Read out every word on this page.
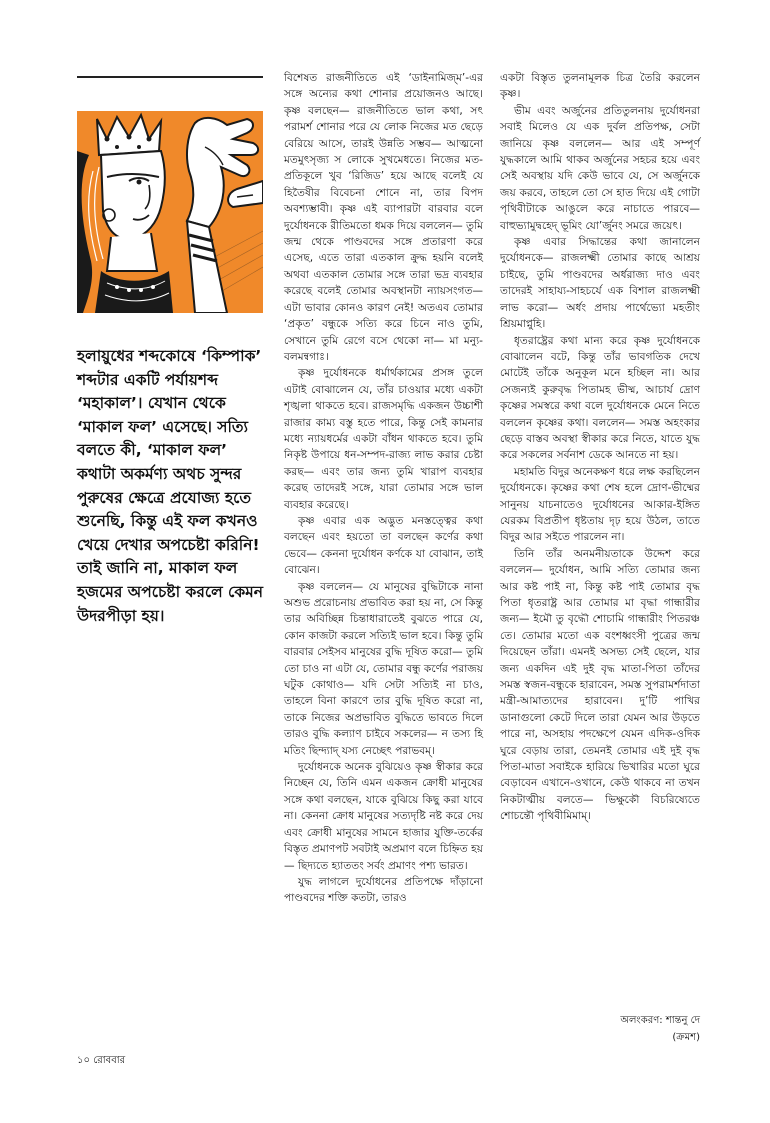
হলায়ুধের শব্দকোষে ‘কিম্পাক’ শব্দটার একটি পর্যায়শব্দ ‘মহাকাল’। যেখান থেকে ‘মাকাল ফল’ এসেছে। সত্যি বলতে কী, ‘মাকাল ফল’ কথাটা অকর্মণ্য অথচ সুন্দর পুরুষের ক্ষেত্রে প্রযোজ্য হতে শুনেছি, কিন্তু এই ফল কখনও খেয়ে দেখার অপচেষ্টা করিনি! তাই জানি না, মাকাল ফল হজমের অপচেষ্টা করলে কেমন উদরপীড়া হয়।

বিশেষত রাজনীতিতে এই ‘ডাইনামিজ্‌ম’-এর সঙ্গে অন্যের কথা শোনার প্রয়োজনও আছে। কৃষ্ণ বলছেন— রাজনীতিতে ভাল কথা, সৎ পরামর্শ শোনার পরে যে লোক নিজের মত ছেড়ে বেরিয়ে আসে, তারই উন্নতি সম্ভব— আত্মনো মতমুৎসৃজ্য স লোকে সুখমেধতে। নিজের মত-প্রতিকূলে খুব ‘রিজিড’ হয়ে আছে বলেই যে হিতৈষীর বিবেচনা শোনে না, তার বিপদ অবশ্যম্ভাবী। কৃষ্ণ এই ব্যাপারটা বারবার বলে দুর্যোধনকে রীতিমতো ধমক দিয়ে বললেন— তুমি জন্ম থেকে পাণ্ডবদের সঙ্গে প্রতারণা করে এসেছ, এতে তারা এতকাল ক্রুদ্ধ হয়নি বলেই অথবা এতকাল তোমার সঙ্গে তারা ভদ্র ব্যবহার করেছে বলেই তোমার অবস্থানটা ন্যায়সংগত— এটা ভাবার কোনও কারণ নেই! অতএব তোমার ‘প্রকৃত’ বন্ধুকে সত্যি করে চিনে নাও তুমি, সেখানে তুমি রেগে বসে থেকো না— মা মন্যু-বলমন্বগাঃ।

কৃষ্ণ দুর্যোধনকে ধর্মার্থকামের প্রসঙ্গ তুলে এটাই বোঝালেন যে, তাঁর চাওয়ার মধ্যে একটা শৃঙ্খলা থাকতে হবে। রাজসমৃদ্ধি একজন উচ্চাশী রাজার কাম্য বস্তু হতে পারে, কিন্তু সেই কামনার মধ্যে ন্যায়ধর্মের একটা বাঁধন থাকতে হবে। তুমি নিকৃষ্ট উপায়ে ধন-সম্পদ-রাজ্য লাভ করার চেষ্টা করছ— এবং তার জন্য তুমি খারাপ ব্যবহার করেছ তাদেরই সঙ্গে, যারা তোমার সঙ্গে ভাল ব্যবহার করেছে।

কৃষ্ণ এবার এক অদ্ভুত মনস্তত্ত্বের কথা বলছেন এবং হয়তো তা বলছেন কর্ণের কথা ভেবে— কেননা দুর্যোধন কর্ণকে যা বোঝান, তাই বোঝেন।

কৃষ্ণ বললেন— যে মানুষের বুদ্ধিটাকে নানা অশুভ প্ররোচনায় প্রভাবিত করা হয় না, সে কিন্তু তার অবিচ্ছিন্ন চিন্তাধারাতেই বুঝতে পারে যে, কোন কাজটা করলে সত্যিই ভাল হবে। কিন্তু তুমি বারবার সেইসব মানুষের বুদ্ধি দূষিত করো— তুমি তো চাও না এটা যে, তোমার বন্ধু কর্ণের পরাজয় ঘটুক কোথাও— যদি সেটা সত্যিই না চাও, তাহলে বিনা কারণে তার বুদ্ধি দূষিত করো না, তাকে নিজের অপ্রভাবিত বুদ্ধিতে ভাবতে দিলে তারও বুদ্ধি কল্যাণ চাইবে সকলের— ন তস্য হি মতিং ছিন্দ্যাদ্‌ যস্য নেচ্ছেৎ পরাভবম্‌।

দুর্যোধনকে অনেক বুঝিয়েও কৃষ্ণ স্বীকার করে নিচ্ছেন যে, তিনি এমন একজন ক্রোধী মানুষের সঙ্গে কথা বলছেন, যাকে বুঝিয়ে কিছু করা যাবে না। কেননা ক্রোধ মানুষের সত্যদৃষ্টি নষ্ট করে দেয় এবং ক্রোধী মানুষের সামনে হাজার যুক্তি-তর্কের বিস্তৃত প্রমাণপট সবটাই অপ্রমাণ বলে চিহ্নিত হয়— ছিদ্যতে হ্যাততং সর্বং প্রমাণং পশ্য ভারত।

যুদ্ধ লাগলে দুর্যোধনের প্রতিপক্ষে দাঁড়ানো পাণ্ডবদের শক্তি কতটা, তারও

একটা বিস্তৃত তুলনামূলক চিত্র তৈরি করলেন কৃষ্ণ।

ভীম এবং অর্জুনের প্রতিতুলনায় দুর্যোধনরা সবাই মিলেও যে এক দুর্বল প্রতিপক্ষ, সেটা জানিয়ে কৃষ্ণ বললেন— আর এই সম্পূর্ণ যুদ্ধকালে আমি থাকব অর্জুনের সহচর হয়ে এবং সেই অবস্থায় যদি কেউ ভাবে যে, সে অর্জুনকে জয় করবে, তাহলে তো সে হাত দিয়ে এই গোটা পৃথিবীটাকে আঙুলে করে নাচাতে পারবে— বাহুভ্যামুদ্বহেদ্‌ ভূমিং যো’র্জুনং সমরে জয়েৎ।

কৃষ্ণ এবার সিদ্ধান্তের কথা জানালেন দুর্যোধনকে— রাজলক্ষ্মী তোমার কাছে আশ্রয় চাইছে, তুমি পাণ্ডবদের অর্ধরাজ্য দাও এবং তাদেরই সাহায্য-সাহচর্যে এক বিশাল রাজলক্ষ্মী লাভ করো— অর্ধং প্রদায় পার্থেভ্যো মহতীং শ্রিয়মাপ্নুহি।

ধৃতরাষ্ট্রের কথা মান্য করে কৃষ্ণ দুর্যোধনকে বোঝালেন বটে, কিন্তু তাঁর ভাবগতিক দেখে মোটেই তাঁকে অনুকূল মনে হচ্ছিল না। আর সেজন্যই কুরুবৃদ্ধ পিতামহ ভীষ্ম, আচার্য দ্রোণ কৃষ্ণের সমস্বরে কথা বলে দুর্যোধনকে মেনে নিতে বললেন কৃষ্ণের কথা। বললেন— সমস্ত অহংকার ছেড়ে বাস্তব অবস্থা স্বীকার করে নিতে, যাতে যুদ্ধ করে সকলের সর্বনাশ ডেকে আনতে না হয়।

মহামতি বিদুর অনেকক্ষণ ধরে লক্ষ করছিলেন দুর্যোধনকে। কৃষ্ণের কথা শেষ হলে দ্রোণ-ভীষ্মের সানুনয় যাচনাতেও দুর্যোধনের আকার-ইঙ্গিত যেরকম বিপ্রতীপ ধৃষ্টতায় দৃঢ় হয়ে উঠল, তাতে বিদুর আর সইতে পারলেন না।

তিনি তাঁর অনমনীয়তাকে উদ্দেশ করে বললেন— দুর্যোধন, আমি সত্যি তোমার জন্য আর কষ্ট পাই না, কিন্তু কষ্ট পাই তোমার বৃদ্ধ পিতা ধৃতরাষ্ট্র আর তোমার মা বৃদ্ধা গান্ধারীর জন্য— ইমৌ তু বৃদ্ধৌ শোচামি গান্ধারীং পিতরঞ্চ তে। তোমার মতো এক বংশধ্বংসী পুত্রের জন্ম দিয়েছেন তাঁরা। এমনই অসভ্য সেই ছেলে, যার জন্য একদিন এই দুই বৃদ্ধ মাতা-পিতা তাঁদের সমস্ত স্বজন-বন্ধুকে হারাবেন, সমস্ত সুপরামর্শদাতা মন্ত্রী-আমাত্যদের হারাবেন। দু’টি পাখির ডানাগুলো কেটে দিলে তারা যেমন আর উড়তে পারে না, অসহায় পদক্ষেপে যেমন এদিক-ওদিক ঘুরে বেড়ায় তারা, তেমনই তোমার এই দুই বৃদ্ধ পিতা-মাতা সবাইকে হারিয়ে ভিখারির মতো ঘুরে বেড়াবেন এখানে-ওখানে, কেউ থাকবে না তখন নিকটাত্মীয় বলতে— ভিক্ষুকৌ বিচরিষ্যেতে শোচন্তৌ পৃথিবীমিমাম্‌।

অলংকরণ: শান্তনু দে
(ক্রমশ)
১০ রোববার
